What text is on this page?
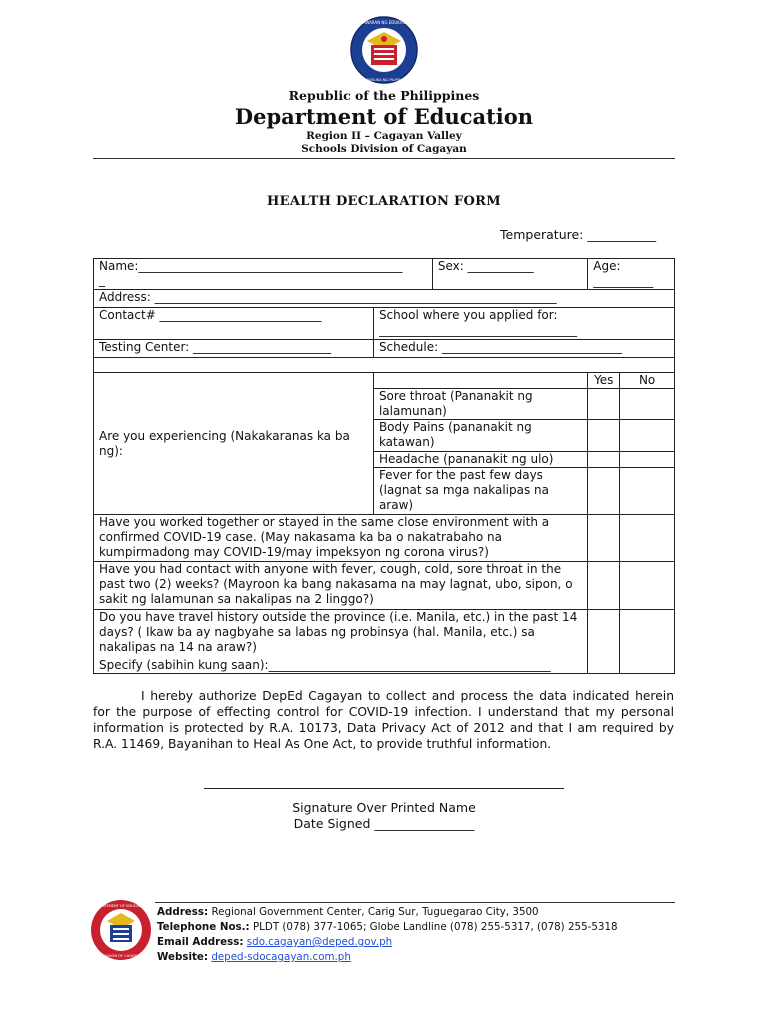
KAGAWARAN NG EDUKASYON
REPUBLIKA NG PILIPINAS
Republic of the Philippines
Department of Education
Region II – Cagayan Valley
Schools Division of Cagayan
HEALTH DECLARATION FORM
Temperature: ___________
Name:____________________________________________
_		Sex: ___________	Age: __________	
Address: ___________________________________________________________________				
Contact# ___________________________	School where you applied for:
_________________________________			

Testing Center: _______________________	Schedule: ______________________________			

Are you experiencing (Nakakaranas ka ba ng):			Yes	No
	Sore throat (Pananakit ng lalamunan)			
	Body Pains (pananakit ng katawan)			
	Headache (pananakit ng ulo)			
	Fever for the past few days (lagnat sa mga nakalipas na araw)			
Have you worked together or stayed in the same close environment with a confirmed COVID-19 case. (May nakasama ka ba o nakatrabaho na kumpirmadong may COVID-19/may impeksyon ng corona virus?)				
Have you had contact with anyone with fever, cough, cold, sore throat in the past two (2) weeks? (Mayroon ka bang nakasama na may lagnat, ubo, sipon, o sakit ng lalamunan sa nakalipas na 2 linggo?)				
Do you have travel history outside the province (i.e. Manila, etc.) in the past 14 days? ( Ikaw ba ay nagbyahe sa labas ng probinsya (hal. Manila, etc.) sa nakalipas na 14 na araw?)				
Specify (sabihin kung saan):_______________________________________________				

I hereby authorize DepEd Cagayan to collect and process the data indicated herein for the purpose of effecting control for COVID-19 infection. I understand that my personal information is protected by R.A. 10173, Data Privacy Act of 2012 and that I am required by R.A. 11469, Bayanihan to Heal As One Act, to provide truthful information.

Signature Over Printed Name
Date Signed ________________
DEPARTMENT OF EDUCATION
DIVISION OF CAGAYAN
Address: Regional Government Center, Carig Sur, Tuguegarao City, 3500
Telephone Nos.: PLDT (078) 377-1065; Globe Landline (078) 255-5317, (078) 255-5318
Email Address: sdo.cagayan@deped.gov.ph
Website: deped-sdocagayan.com.ph
